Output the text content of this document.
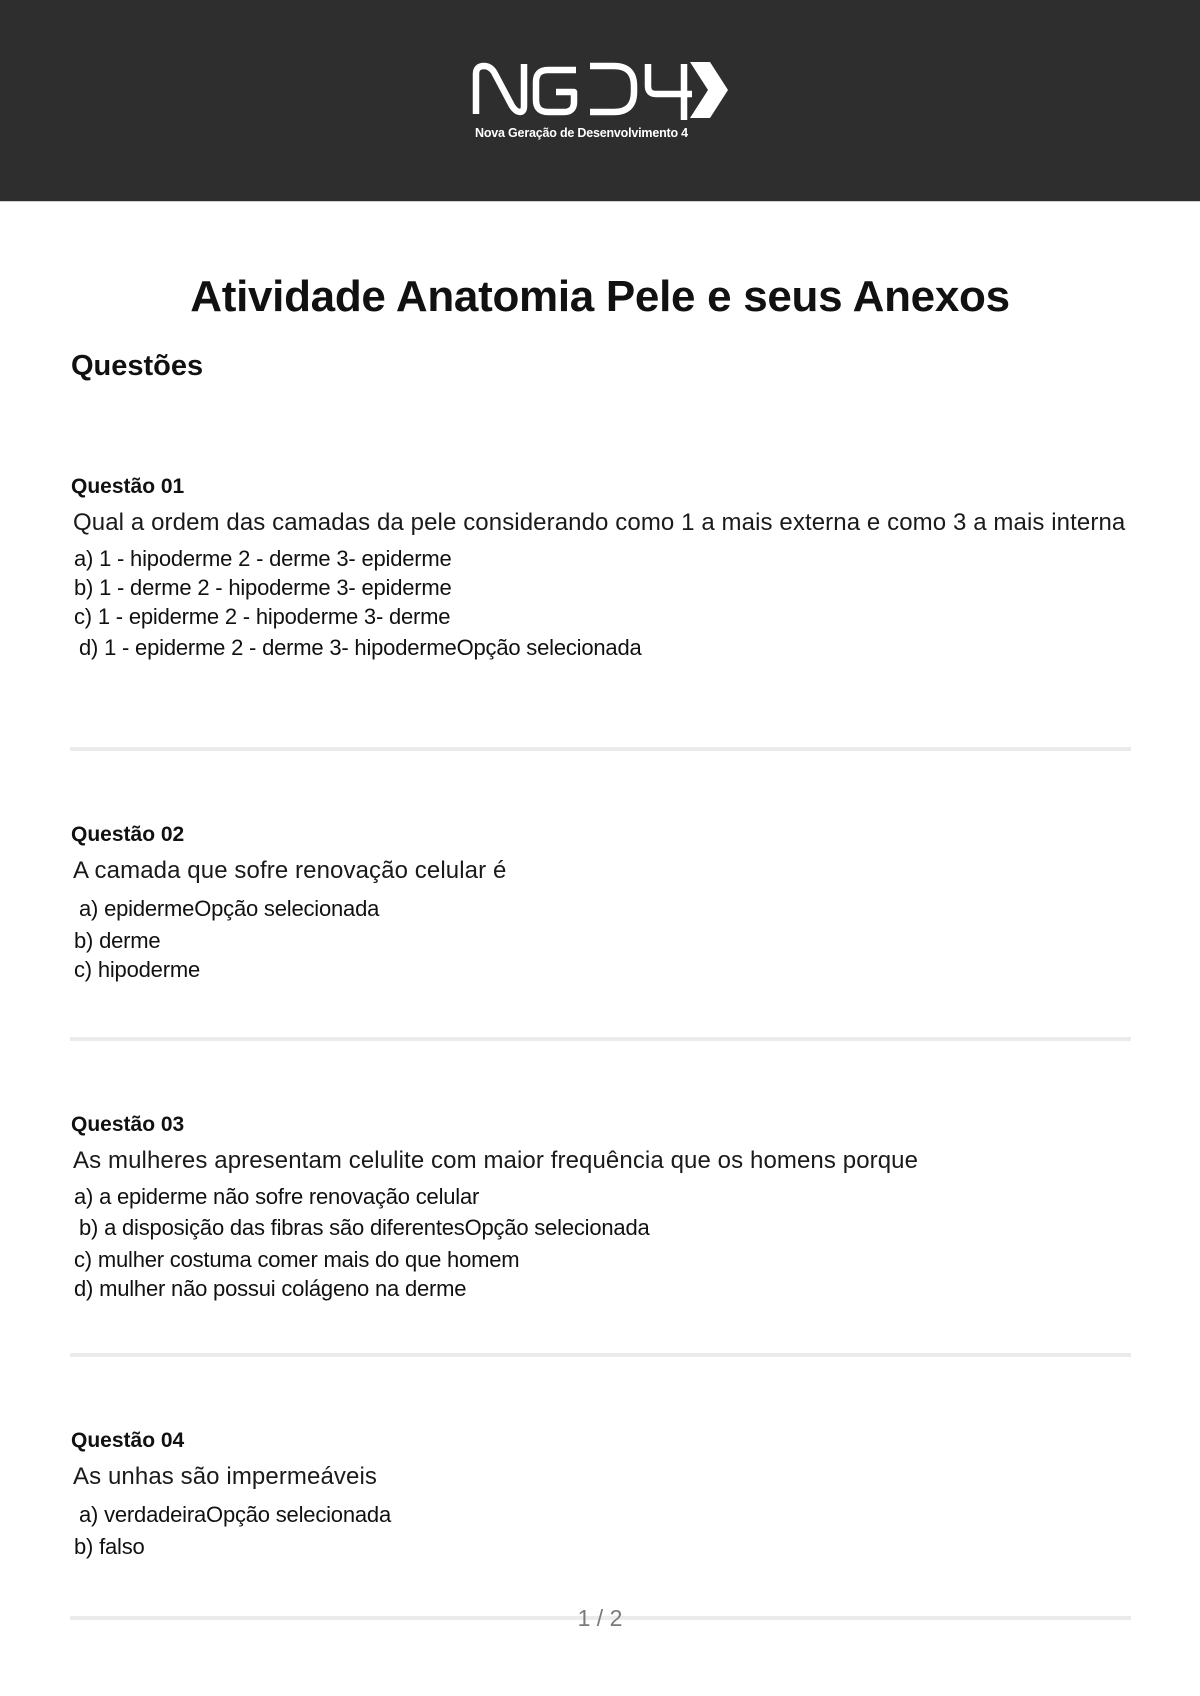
Nova Geração de Desenvolvimento 4
Atividade Anatomia Pele e seus Anexos
Questões
Questão 01
Qual a ordem das camadas da pele considerando como 1 a mais externa e como 3 a mais interna
a) 1 - hipoderme 2 - derme 3- epiderme
b) 1 - derme 2 - hipoderme 3- epiderme
c) 1 - epiderme 2 - hipoderme 3- derme
d) 1 - epiderme 2 - derme 3- hipodermeOpção selecionada
Questão 02
A camada que sofre renovação celular é
a) epidermeOpção selecionada
b) derme
c) hipoderme
Questão 03
As mulheres apresentam celulite com maior frequência que os homens porque
a) a epiderme não sofre renovação celular
b) a disposição das fibras são diferentesOpção selecionada
c) mulher costuma comer mais do que homem
d) mulher não possui colágeno na derme
Questão 04
As unhas são impermeáveis
a) verdadeiraOpção selecionada
b) falso
1 / 2
